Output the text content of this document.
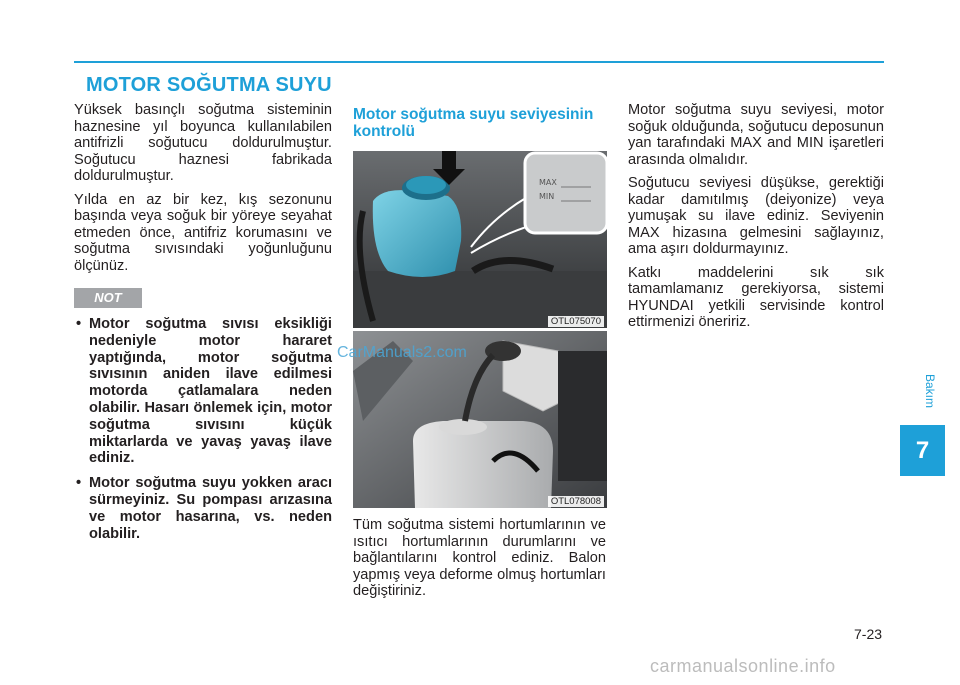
MOTOR SOĞUTMA SUYU

Yüksek basınçlı soğutma sisteminin haznesine yıl boyunca kullanılabilen antifrizli soğutucu doldurulmuştur. Soğutucu haznesi fabrikada doldurulmuştur.

Yılda en az bir kez, kış sezonunu başında veya soğuk bir yöreye seyahat etmeden önce, antifriz korumasını ve soğutma sıvısındaki yoğunluğunu ölçünüz.

NOT
• Motor soğutma sıvısı eksikliği nedeniyle motor hararet yaptığında, motor soğutma sıvısının aniden ilave edilmesi motorda çatlamalara neden olabilir. Hasarı önlemek için, motor soğutma sıvısını küçük miktarlarda ve yavaş yavaş ilave ediniz.
• Motor soğutma suyu yokken aracı sürmeyiniz. Su pompası arızasına ve motor hasarına, vs. neden olabilir.
Motor soğutma suyu seviyesinin kontrolü
MAX
MIN
OTL075070
OTL078008
CarManuals2.com

Tüm soğutma sistemi hortumlarının ve ısıtıcı hortumlarının durumlarını ve bağlantılarını kontrol ediniz. Balon yapmış veya deforme olmuş hortumları değiştiriniz.

Motor soğutma suyu seviyesi, motor soğuk olduğunda, soğutucu deposunun yan tarafındaki MAX and MIN işaretleri arasında olmalıdır.

Soğutucu seviyesi düşükse, gerektiği kadar damıtılmış (deiyonize) veya yumuşak su ilave ediniz. Seviyenin MAX hizasına gelmesini sağlayınız, ama aşırı doldurmayınız.

Katkı maddelerini sık sık tamamlamanız gerekiyorsa, sistemi HYUNDAI yetkili servisinde kontrol ettirmenizi öneririz.

Bakım
7
7-23
carmanualsonline.info
